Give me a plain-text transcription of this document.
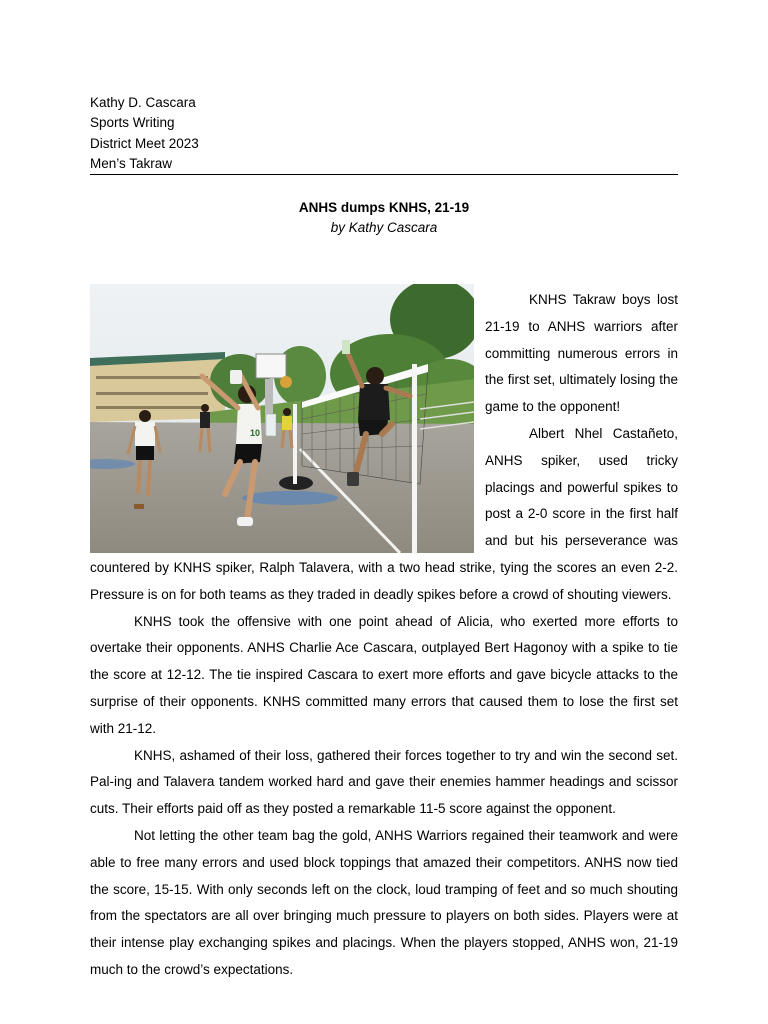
Kathy D. Cascara
Sports Writing
District Meet 2023
Men’s Takraw
ANHS dumps KNHS, 21-19
by Kathy Cascara
10

KNHS Takraw boys lost 21-19 to ANHS warriors after committing numerous errors in the first set, ultimately losing the game to the opponent!

Albert Nhel Castañeto, ANHS spiker, used tricky placings and powerful spikes to post a 2-0 score in the first half and but his perseverance was countered by KNHS spiker, Ralph Talavera, with a two head strike, tying the scores an even 2-2. Pressure is on for both teams as they traded in deadly spikes before a crowd of shouting viewers.

KNHS took the offensive with one point ahead of Alicia, who exerted more efforts to overtake their opponents. ANHS Charlie Ace Cascara, outplayed Bert Hagonoy with a spike to tie the score at 12-12. The tie inspired Cascara to exert more efforts and gave bicycle attacks to the surprise of their opponents. KNHS committed many errors that caused them to lose the first set with 21-12.

KNHS, ashamed of their loss, gathered their forces together to try and win the second set. Pal-ing and Talavera tandem worked hard and gave their enemies hammer headings and scissor cuts. Their efforts paid off as they posted a remarkable 11-5 score against the opponent.

Not letting the other team bag the gold, ANHS Warriors regained their teamwork and were able to free many errors and used block toppings that amazed their competitors. ANHS now tied the score, 15-15. With only seconds left on the clock, loud tramping of feet and so much shouting from the spectators are all over bringing much pressure to players on both sides. Players were at their intense play exchanging spikes and placings. When the players stopped, ANHS won, 21-19 much to the crowd’s expectations.
